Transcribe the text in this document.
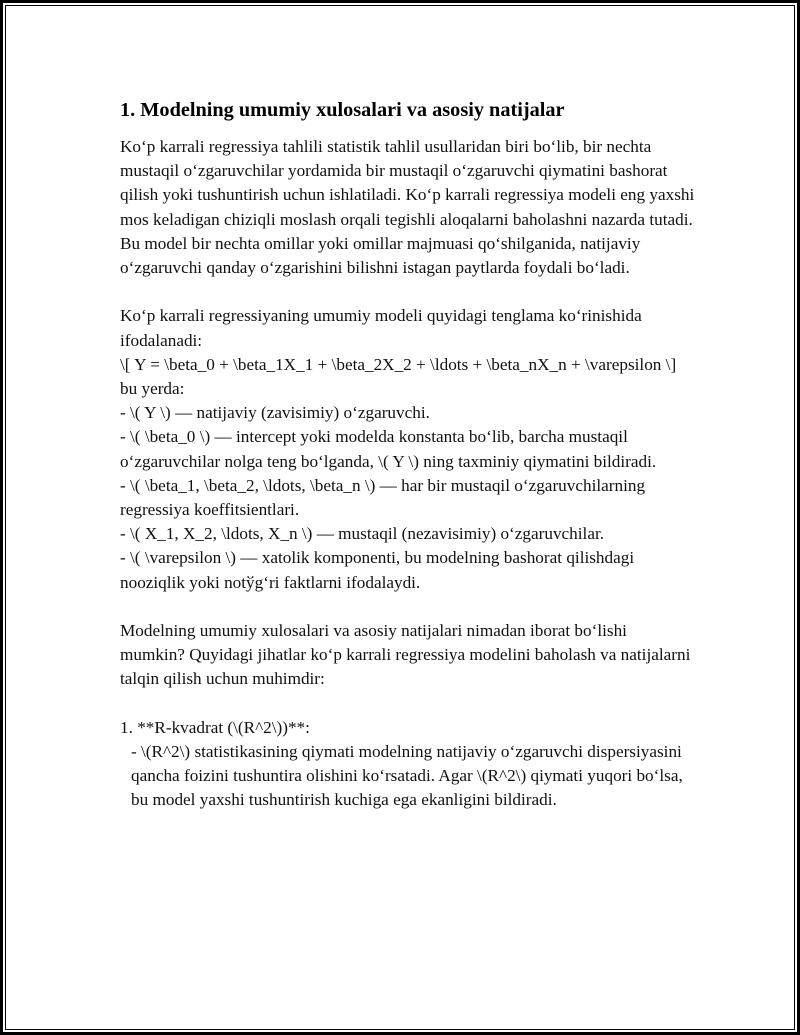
1. Modelning umumiy xulosalari va asosiy natijalar

Ko‘p karrali regressiya tahlili statistik tahlil usullaridan biri bo‘lib, bir nechta mustaqil o‘zgaruvchilar yordamida bir mustaqil o‘zgaruvchi qiymatini bashorat qilish yoki tushuntirish uchun ishlatiladi. Ko‘p karrali regressiya modeli eng yaxshi mos keladigan chiziqli moslash orqali tegishli aloqalarni baholashni nazarda tutadi. Bu model bir nechta omillar yoki omillar majmuasi qo‘shilganida, natijaviy o‘zgaruvchi qanday o‘zgarishini bilishni istagan paytlarda foydali bo‘ladi.

Ko‘p karrali regressiyaning umumiy modeli quyidagi tenglama ko‘rinishida ifodalanadi:

\[ Y = \beta_0 + \beta_1X_1 + \beta_2X_2 + \ldots + \beta_nX_n + \varepsilon \]

bu yerda:

- \( Y \) — natijaviy (zavisimiy) o‘zgaruvchi.

- \( \beta_0 \) — intercept yoki modelda konstanta bo‘lib, barcha mustaqil o‘zgaruvchilar nolga teng bo‘lganda, \( Y \) ning taxminiy qiymatini bildiradi.

- \( \beta_1, \beta_2, \ldots, \beta_n \) — har bir mustaqil o‘zgaruvchilarning regressiya koeffitsientlari.

- \( X_1, X_2, \ldots, X_n \) — mustaqil (nezavisimiy) o‘zgaruvchilar.

- \( \varepsilon \) — xatolik komponenti, bu modelning bashorat qilishdagi nooziqlik yoki notўg‘ri faktlarni ifodalaydi.

Modelning umumiy xulosalari va asosiy natijalari nimadan iborat bo‘lishi mumkin? Quyidagi jihatlar ko‘p karrali regressiya modelini baholash va natijalarni talqin qilish uchun muhimdir:

1. **R-kvadrat (\(R^2\))**:

- \(R^2\) statistikasining qiymati modelning natijaviy o‘zgaruvchi dispersiyasini qancha foizini tushuntira olishini ko‘rsatadi. Agar \(R^2\) qiymati yuqori bo‘lsa, bu model yaxshi tushuntirish kuchiga ega ekanligini bildiradi.
